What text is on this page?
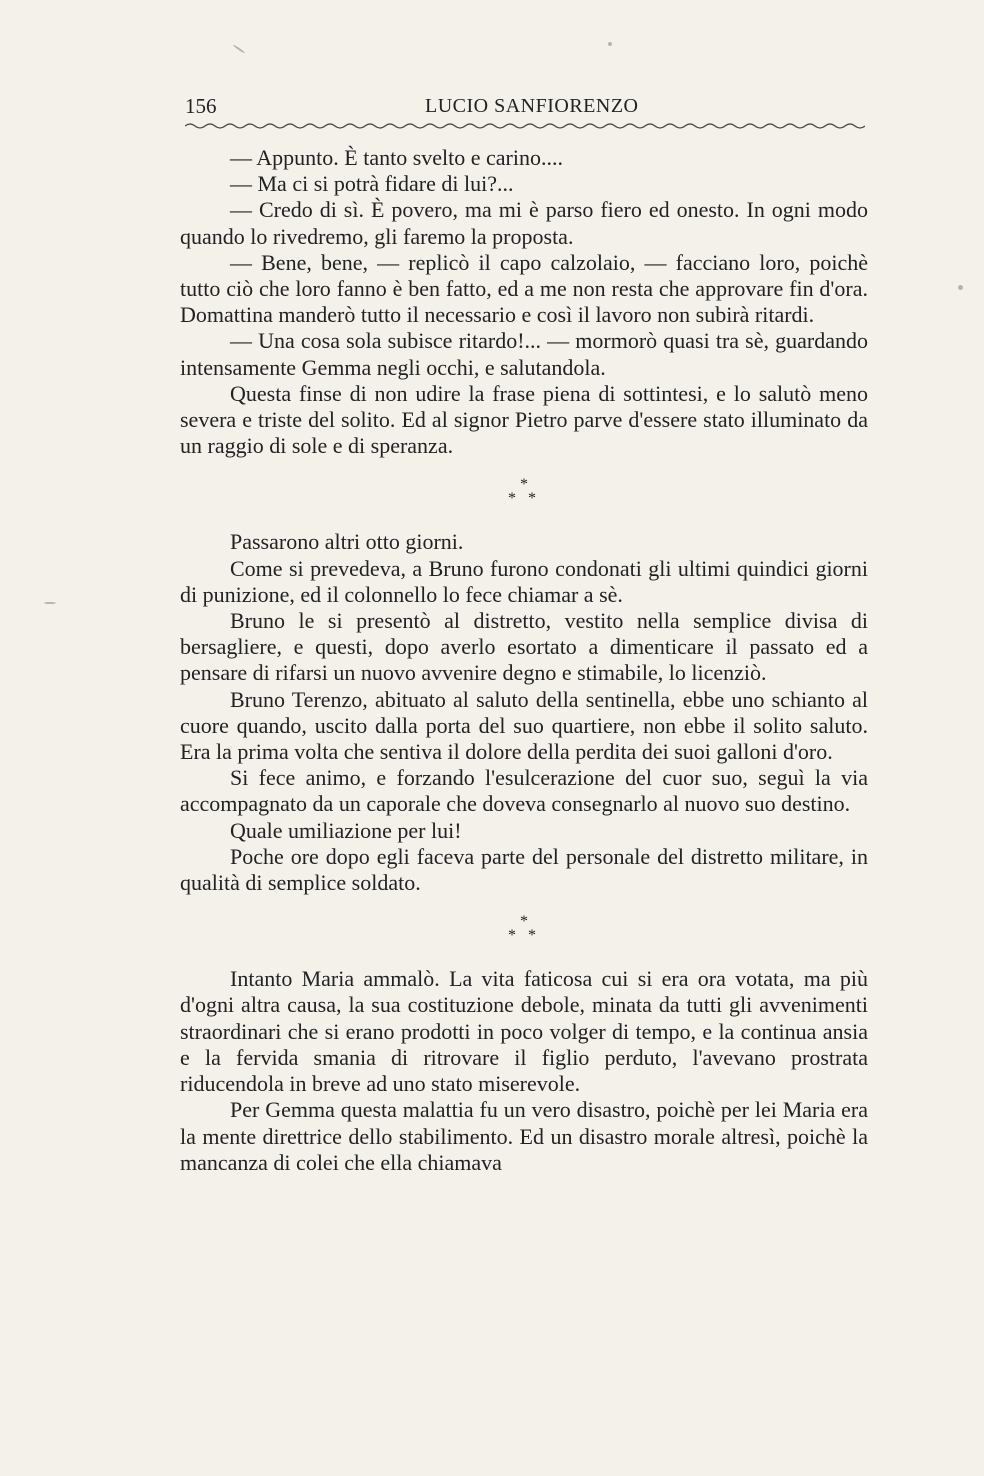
156	LUCIO SANFIORENZO

— Appunto. È tanto svelto e carino....

— Ma ci si potrà fidare di lui?...

— Credo di sì. È povero, ma mi è parso fiero ed onesto. In ogni modo quando lo rivedremo, gli faremo la proposta.

— Bene, bene, — replicò il capo calzolaio, — facciano loro, poichè tutto ciò che loro fanno è ben fatto, ed a me non resta che approvare fin d'ora. Domattina manderò tutto il necessario e così il lavoro non subirà ritardi.

— Una cosa sola subisce ritardo!... — mormorò quasi tra sè, guardando intensamente Gemma negli occhi, e salutandola.

Questa finse di non udire la frase piena di sottintesi, e lo salutò meno severa e triste del solito. Ed al signor Pietro parve d'essere stato illuminato da un raggio di sole e di speranza.

*
* *

Passarono altri otto giorni.

Come si prevedeva, a Bruno furono condonati gli ultimi quindici giorni di punizione, ed il colonnello lo fece chiamar a sè.

Bruno le si presentò al distretto, vestito nella semplice divisa di bersagliere, e questi, dopo averlo esortato a dimenticare il passato ed a pensare di rifarsi un nuovo avvenire degno e stimabile, lo licenziò.

Bruno Terenzo, abituato al saluto della sentinella, ebbe uno schianto al cuore quando, uscito dalla porta del suo quartiere, non ebbe il solito saluto. Era la prima volta che sentiva il dolore della perdita dei suoi galloni d'oro.

Si fece animo, e forzando l'esulcerazione del cuor suo, seguì la via accompagnato da un caporale che doveva consegnarlo al nuovo suo destino.

Quale umiliazione per lui!

Poche ore dopo egli faceva parte del personale del distretto militare, in qualità di semplice soldato.

*
* *

Intanto Maria ammalò. La vita faticosa cui si era ora votata, ma più d'ogni altra causa, la sua costituzione debole, minata da tutti gli avvenimenti straordinari che si erano prodotti in poco volger di tempo, e la continua ansia e la fervida smania di ritrovare il figlio perduto, l'avevano prostrata riducendola in breve ad uno stato miserevole.

Per Gemma questa malattia fu un vero disastro, poichè per lei Maria era la mente direttrice dello stabilimento. Ed un disastro morale altresì, poichè la mancanza di colei che ella chiamava
